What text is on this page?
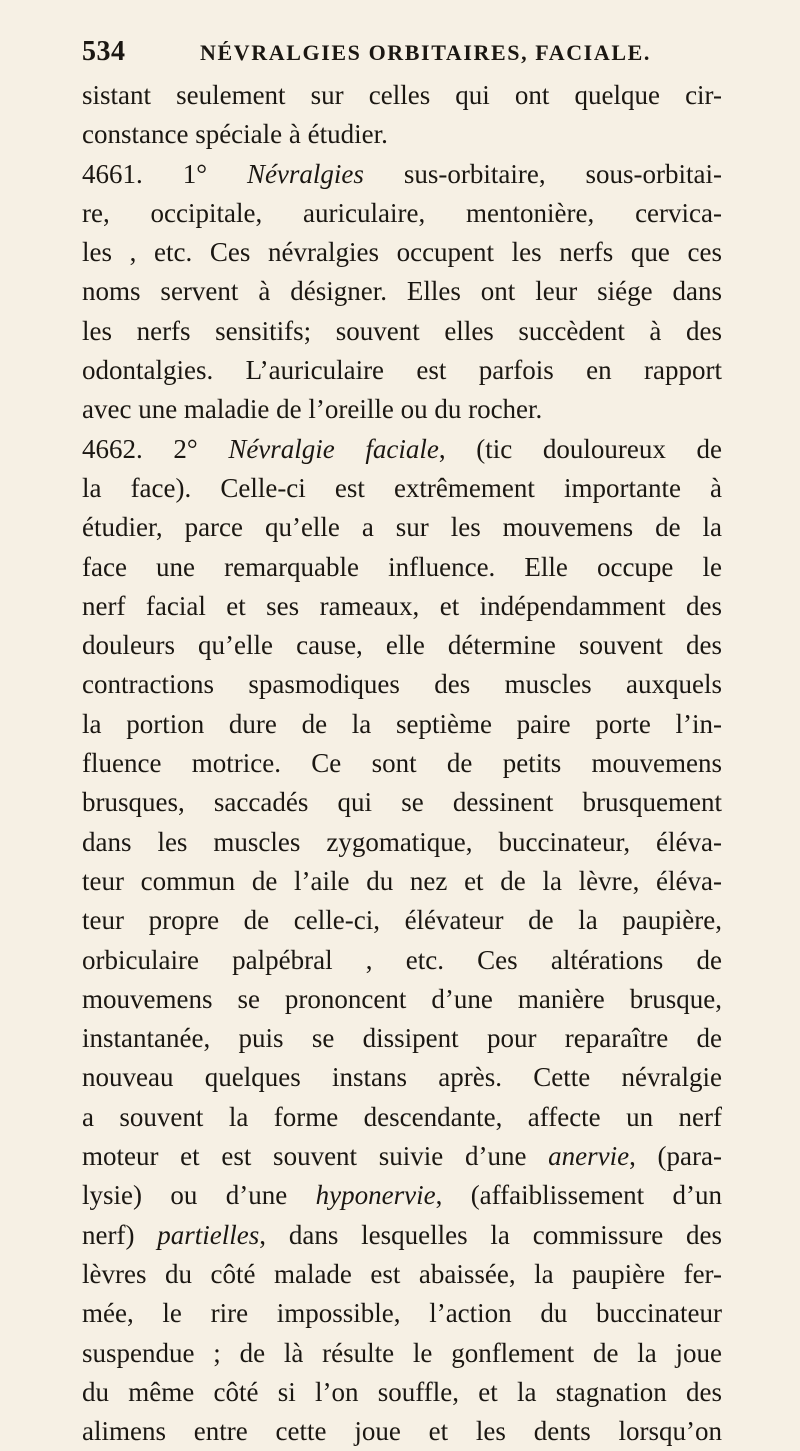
534	NÉVRALGIES ORBITAIRES, FACIALE.
sistant seulement sur celles qui ont quelque cir-
constance spéciale à étudier.
4661. 1° Névralgies sus-orbitaire, sous-orbitai-
re, occipitale, auriculaire, mentonière, cervica-
les , etc. Ces névralgies occupent les nerfs que ces
noms servent à désigner. Elles ont leur siége dans
les nerfs sensitifs; souvent elles succèdent à des
odontalgies. L’auriculaire est parfois en rapport
avec une maladie de l’oreille ou du rocher.
4662. 2° Névralgie faciale, (tic douloureux de
la face). Celle-ci est extrêmement importante à
étudier, parce qu’elle a sur les mouvemens de la
face une remarquable influence. Elle occupe le
nerf facial et ses rameaux, et indépendamment des
douleurs qu’elle cause, elle détermine souvent des
contractions spasmodiques des muscles auxquels
la portion dure de la septième paire porte l’in-
fluence motrice. Ce sont de petits mouvemens
brusques, saccadés qui se dessinent brusquement
dans les muscles zygomatique, buccinateur, éléva-
teur commun de l’aile du nez et de la lèvre, éléva-
teur propre de celle-ci, élévateur de la paupière,
orbiculaire palpébral , etc. Ces altérations de
mouvemens se prononcent d’une manière brusque,
instantanée, puis se dissipent pour reparaître de
nouveau quelques instans après. Cette névralgie
a souvent la forme descendante, affecte un nerf
moteur et est souvent suivie d’une anervie, (para-
lysie) ou d’une hyponervie, (affaiblissement d’un
nerf) partielles, dans lesquelles la commissure des
lèvres du côté malade est abaissée, la paupière fer-
mée, le rire impossible, l’action du buccinateur
suspendue ; de là résulte le gonflement de la joue
du même côté si l’on souffle, et la stagnation des
alimens entre cette joue et les dents lorsqu’on
